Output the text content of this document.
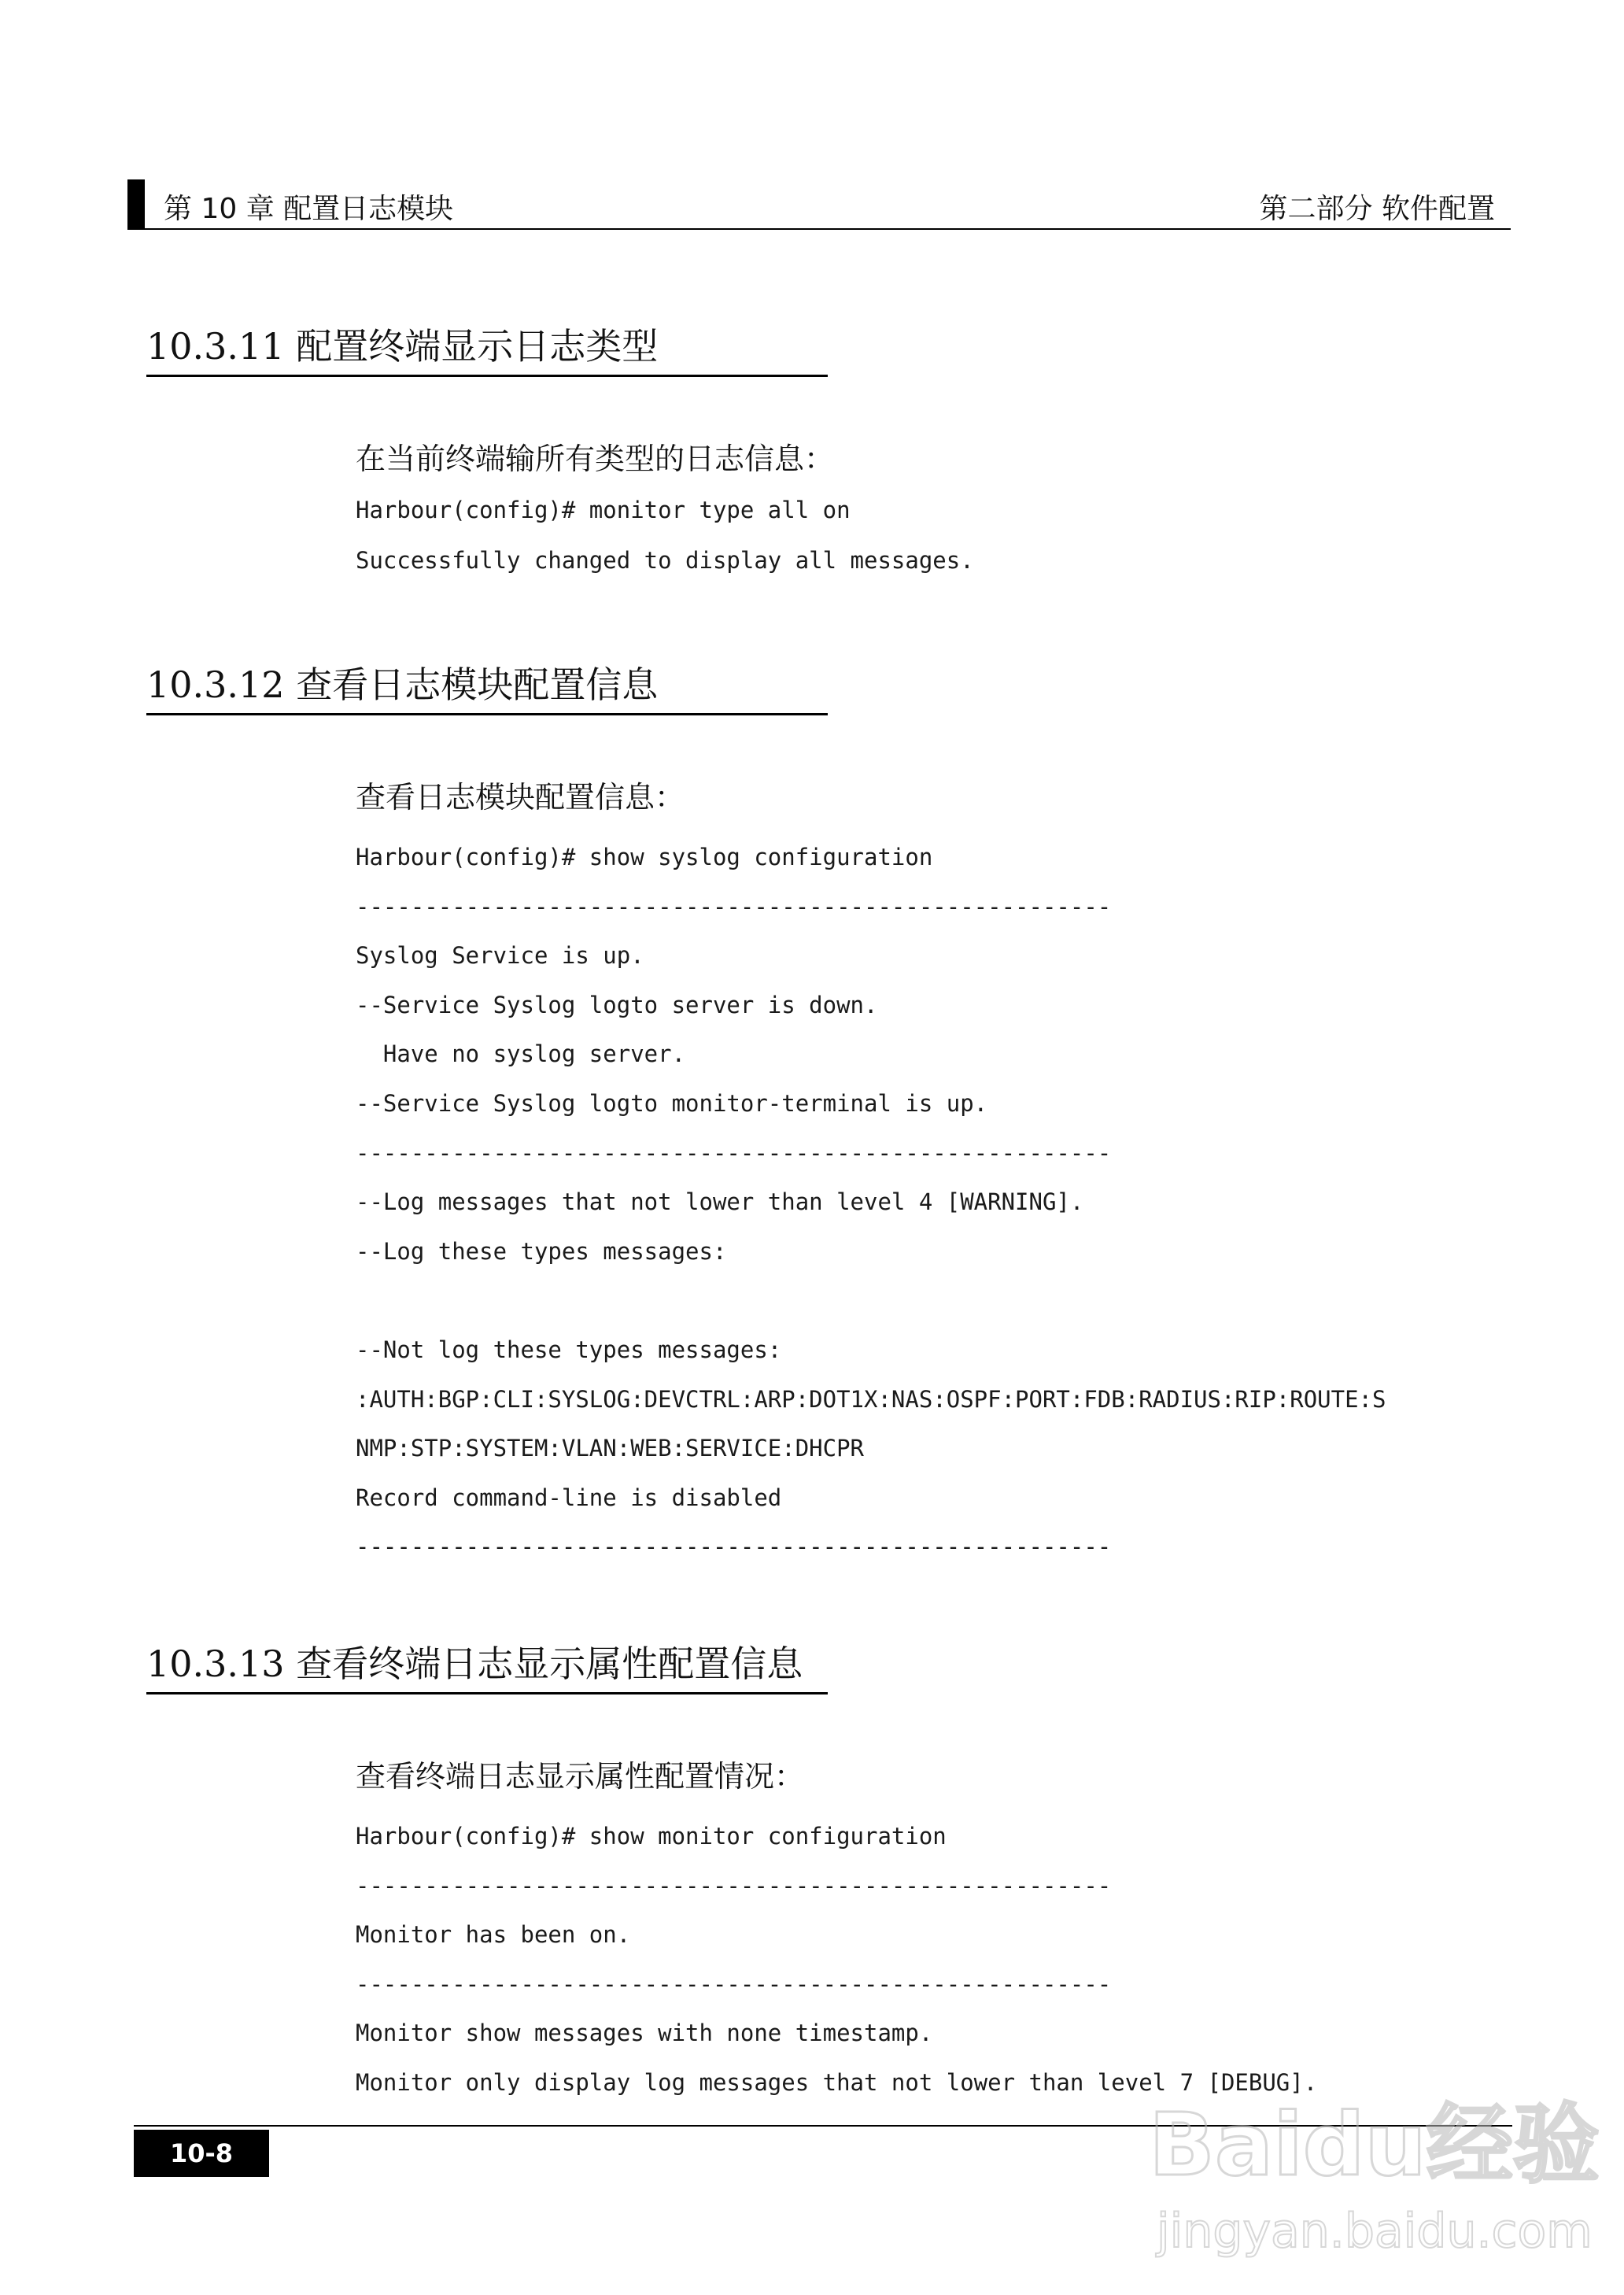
第 10 章 配置日志模块	第二部分 软件配置
10.3.11 配置终端显示日志类型
在当前终端输所有类型的日志信息：
Harbour(config)# monitor type all on
Successfully changed to display all messages.
10.3.12 查看日志模块配置信息
查看日志模块配置信息：
Harbour(config)# show syslog configuration
-------------------------------------------------------
Syslog Service is up.
--Service Syslog logto server is down.
Have no syslog server.
--Service Syslog logto monitor-terminal is up.
-------------------------------------------------------
--Log messages that not lower than level 4 [WARNING].
--Log these types messages:
--Not log these types messages:
:AUTH:BGP:CLI:SYSLOG:DEVCTRL:ARP:DOT1X:NAS:OSPF:PORT:FDB:RADIUS:RIP:ROUTE:S
NMP:STP:SYSTEM:VLAN:WEB:SERVICE:DHCPR
Record command-line is disabled
-------------------------------------------------------
10.3.13 查看终端日志显示属性配置信息
查看终端日志显示属性配置情况：
Harbour(config)# show monitor configuration
-------------------------------------------------------
Monitor has been on.
-------------------------------------------------------
Monitor show messages with none timestamp.
Monitor only display log messages that not lower than level 7 [DEBUG].
10-8	Baidu经验
jingyan.baidu.com
